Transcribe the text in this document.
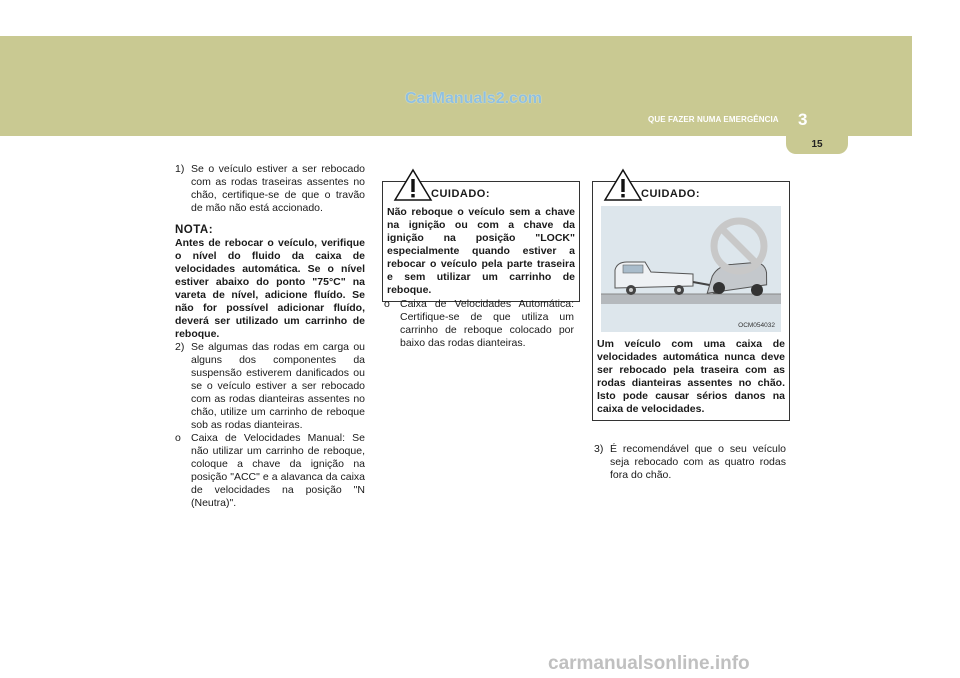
15
3
QUE FAZER NUMA EMERGÊNCIA
CarManuals2.com
1) Se o veículo estiver a ser rebocado com as rodas traseiras assentes no chão, certifique-se de que o travão de mão não está accionado.

NOTA:

Antes de rebocar o veículo, verifique o nível do fluido da caixa de velocidades automática. Se o nível estiver abaixo do ponto "75°C" na vareta de nível, adicione fluído. Se não for possível adicionar fluído, deverá ser utilizado um carrinho de reboque.

2) Se algumas das rodas em carga ou alguns dos componentes da suspensão estiverem danificados ou se o veículo estiver a ser rebocado com as rodas dianteiras assentes no chão, utilize um carrinho de reboque sob as rodas dianteiras.
o Caixa de Velocidades Manual: Se não utilizar um carrinho de reboque, coloque a chave da ignição na posição "ACC" e a alavanca da caixa de velocidades na posição "N (Neutra)".
CUIDADO:
Não reboque o veículo sem a chave na ignição ou com a chave da ignição na posição "LOCK" especialmente quando estiver a rebocar o veículo pela parte traseira e sem utilizar um carrinho de reboque.
o Caixa de Velocidades Automática: Certifique-se de que utiliza um carrinho de reboque colocado por baixo das rodas dianteiras.
CUIDADO:
OCM054032
Um veículo com uma caixa de velocidades automática nunca deve ser rebocado pela traseira com as rodas dianteiras assentes no chão. Isto pode causar sérios danos na caixa de velocidades.
3) É recomendável que o seu veículo seja rebocado com as quatro rodas fora do chão.
carmanualsonline.info
